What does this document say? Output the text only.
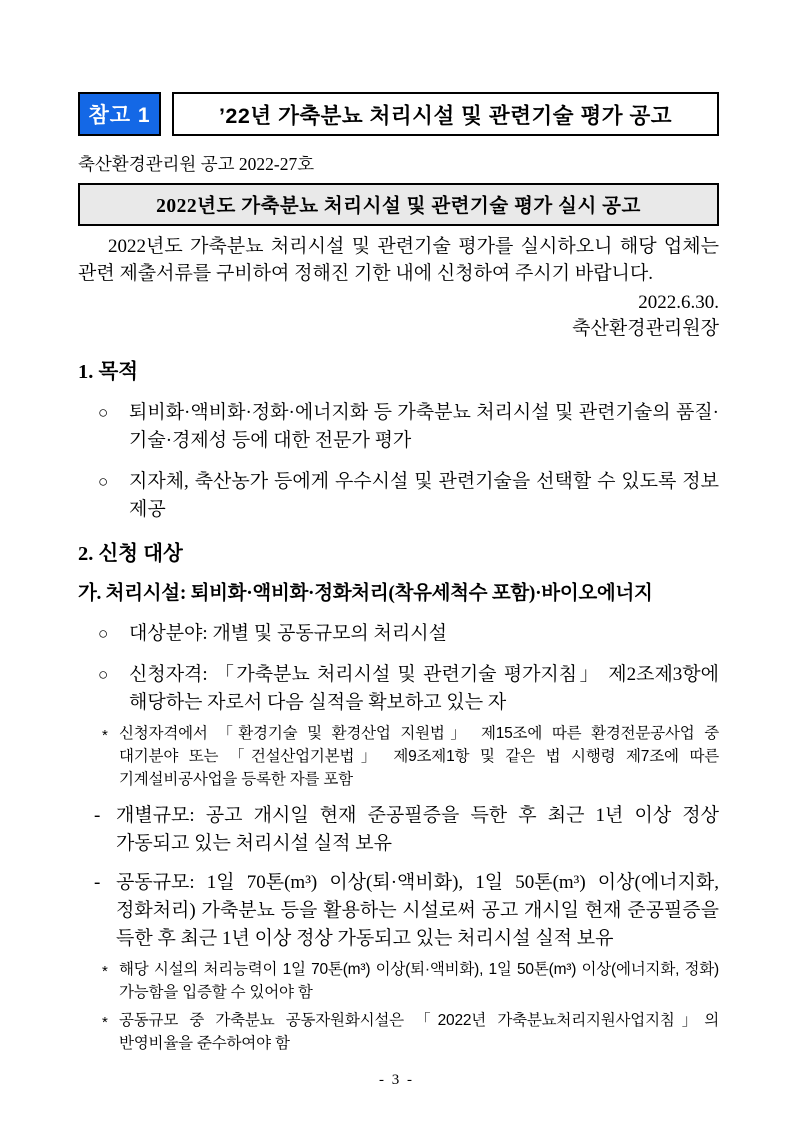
참고 1	’22년 가축분뇨 처리시설 및 관련기술 평가 공고
축산환경관리원 공고 2022-27호
2022년도 가축분뇨 처리시설 및 관련기술 평가 실시 공고

2022년도 가축분뇨 처리시설 및 관련기술 평가를 실시하오니 해당 업체는 관련 제출서류를 구비하여 정해진 기한 내에 신청하여 주시기 바랍니다.

2022.6.30.
축산환경관리원장
1. 목적
○	퇴비화·액비화·정화·에너지화 등 가축분뇨 처리시설 및 관련기술의 품질·기술·경제성 등에 대한 전문가 평가
○	지자체, 축산농가 등에게 우수시설 및 관련기술을 선택할 수 있도록 정보 제공
2. 신청 대상
가. 처리시설: 퇴비화·액비화·정화처리(착유세척수 포함)·바이오에너지
○	대상분야: 개별 및 공동규모의 처리시설
○	신청자격: 「가축분뇨 처리시설 및 관련기술 평가지침」 제2조제3항에 해당하는 자로서 다음 실적을 확보하고 있는 자
* 신청자격에서 「환경기술 및 환경산업 지원법」 제15조에 따른 환경전문공사업 중 대기분야 또는 「건설산업기본법」 제9조제1항 및 같은 법 시행령 제7조에 따른 기계설비공사업을 등록한 자를 포함
- 개별규모: 공고 개시일 현재 준공필증을 득한 후 최근 1년 이상 정상 가동되고 있는 처리시설 실적 보유
- 공동규모: 1일 70톤(m³) 이상(퇴·액비화), 1일 50톤(m³) 이상(에너지화, 정화처리) 가축분뇨 등을 활용하는 시설로써 공고 개시일 현재 준공필증을 득한 후 최근 1년 이상 정상 가동되고 있는 처리시설 실적 보유
* 해당 시설의 처리능력이 1일 70톤(m³) 이상(퇴·액비화), 1일 50톤(m³) 이상(에너지화, 정화) 가능함을 입증할 수 있어야 함
* 공동규모 중 가축분뇨 공동자원화시설은 「2022년 가축분뇨처리지원사업지침」의 반영비율을 준수하여야 함
- 3 -
